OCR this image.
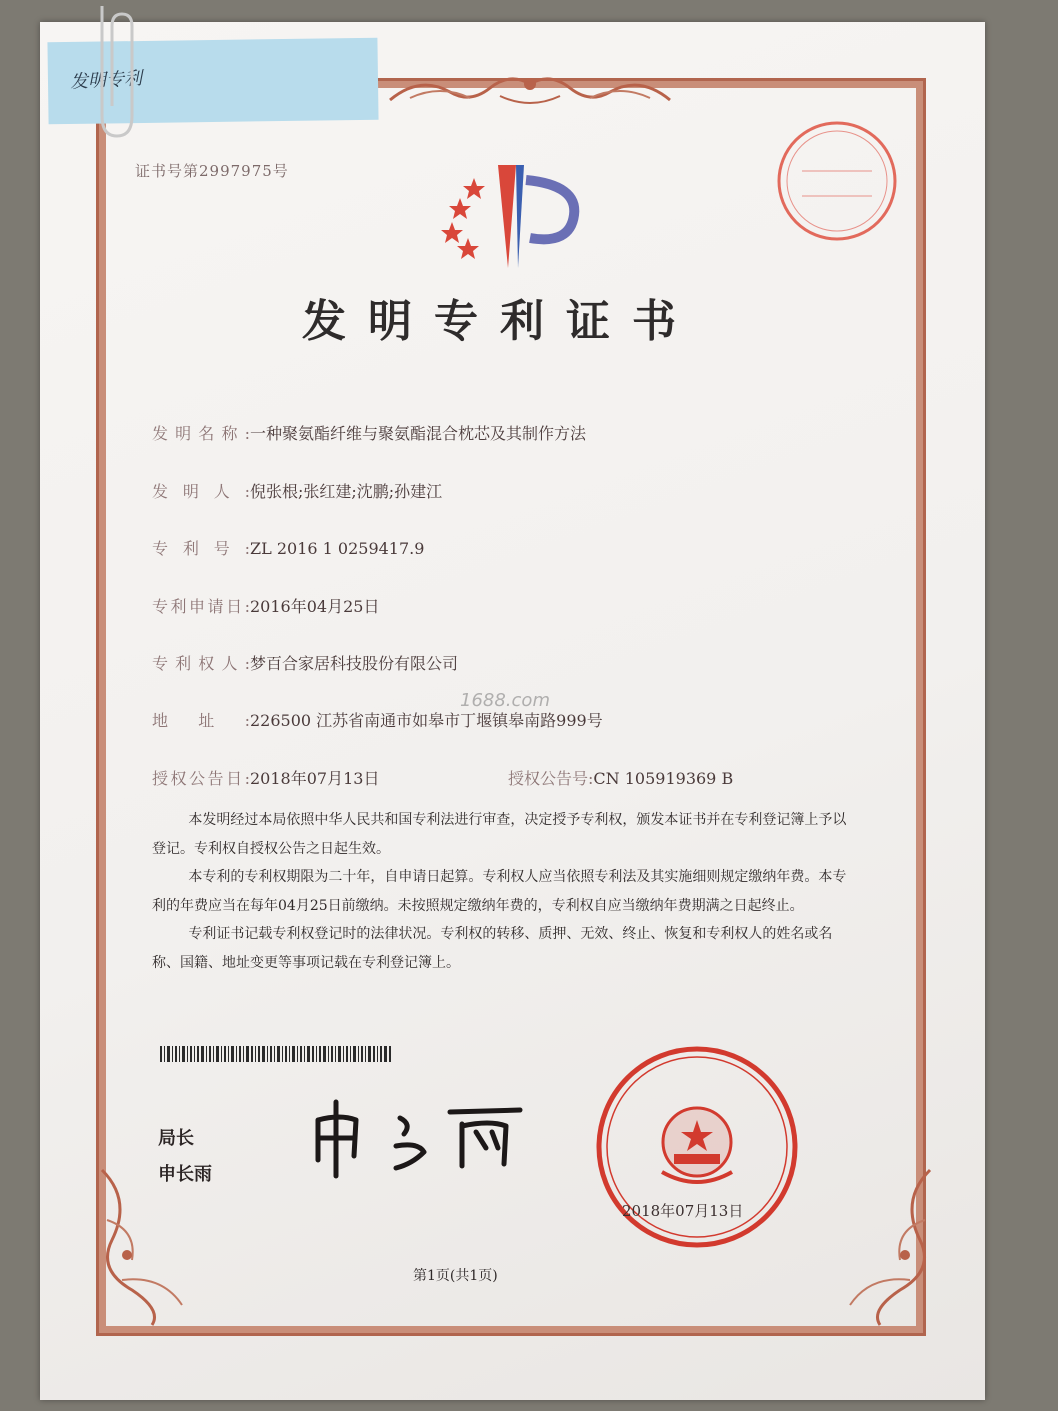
发明专利
证书号第2997975号
发明专利证书
发明名称:一种聚氨酯纤维与聚氨酯混合枕芯及其制作方法
发明人:倪张根;张红建;沈鹏;孙建江
专利号:ZL 2016 1 0259417.9
专利申请日:2016年04月25日
专利权人:梦百合家居科技股份有限公司
地址:226500 江苏省南通市如皋市丁堰镇皋南路999号
授权公告日:2018年07月13日	授权公告号:CN 105919369 B
1688.com

本发明经过本局依照中华人民共和国专利法进行审查，决定授予专利权，颁发本证书并在专利登记簿上予以登记。专利权自授权公告之日起生效。

本专利的专利权期限为二十年，自申请日起算。专利权人应当依照专利法及其实施细则规定缴纳年费。本专利的年费应当在每年04月25日前缴纳。未按照规定缴纳年费的，专利权自应当缴纳年费期满之日起终止。

专利证书记载专利权登记时的法律状况。专利权的转移、质押、无效、终止、恢复和专利权人的姓名或名称、国籍、地址变更等事项记载在专利登记簿上。

局长
申长雨
2018年07月13日
第1页(共1页)
